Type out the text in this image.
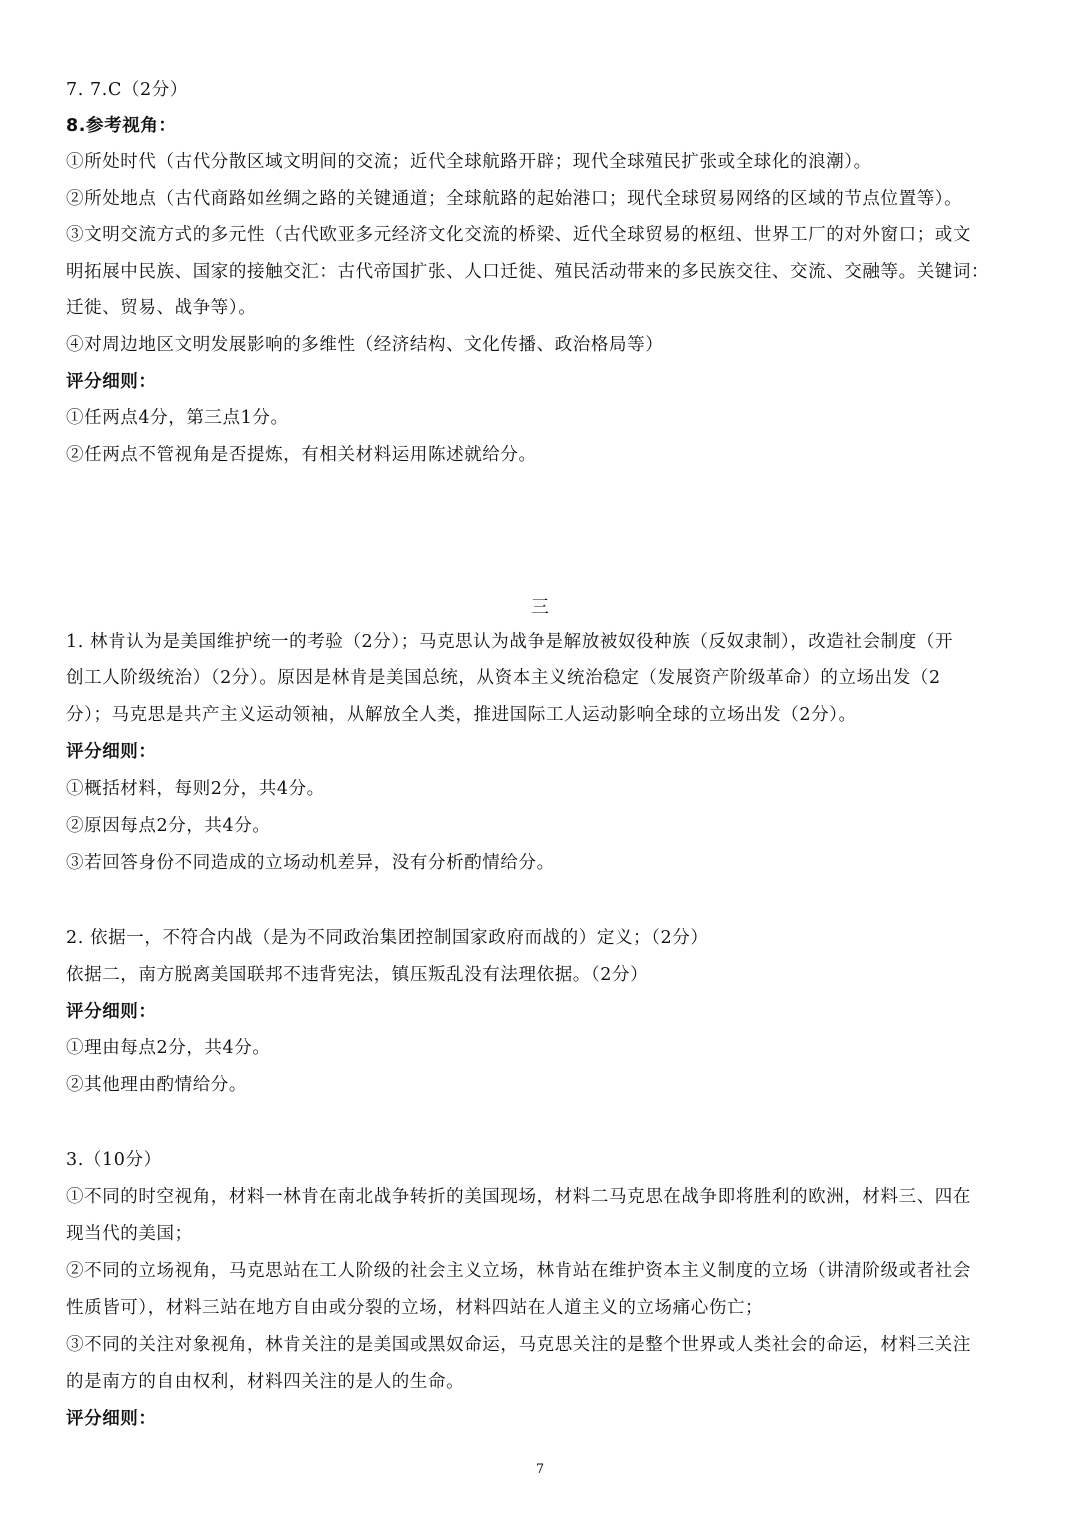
7. 7.C（2分）
8.参考视角：
①所处时代（古代分散区域文明间的交流；近代全球航路开辟；现代全球殖民扩张或全球化的浪潮）。
②所处地点（古代商路如丝绸之路的关键通道；全球航路的起始港口；现代全球贸易网络的区域的节点位置等）。
③文明交流方式的多元性（古代欧亚多元经济文化交流的桥梁、近代全球贸易的枢纽、世界工厂的对外窗口；或文
明拓展中民族、国家的接触交汇：古代帝国扩张、人口迁徙、殖民活动带来的多民族交往、交流、交融等。关键词：
迁徙、贸易、战争等）。
④对周边地区文明发展影响的多维性（经济结构、文化传播、政治格局等）
评分细则：
①任两点4分，第三点1分。
②任两点不管视角是否提炼，有相关材料运用陈述就给分。
三
1. 林肯认为是美国维护统一的考验（2分）；马克思认为战争是解放被奴役种族（反奴隶制），改造社会制度（开
创工人阶级统治）（2分）。原因是林肯是美国总统，从资本主义统治稳定（发展资产阶级革命）的立场出发（2
分）；马克思是共产主义运动领袖，从解放全人类，推进国际工人运动影响全球的立场出发（2分）。
评分细则：
①概括材料，每则2分，共4分。
②原因每点2分，共4分。
③若回答身份不同造成的立场动机差异，没有分析酌情给分。
2. 依据一，不符合内战（是为不同政治集团控制国家政府而战的）定义；（2分）
依据二，南方脱离美国联邦不违背宪法，镇压叛乱没有法理依据。（2分）
评分细则：
①理由每点2分，共4分。
②其他理由酌情给分。
3.（10分）
①不同的时空视角，材料一林肯在南北战争转折的美国现场，材料二马克思在战争即将胜利的欧洲，材料三、四在
现当代的美国；
②不同的立场视角，马克思站在工人阶级的社会主义立场，林肯站在维护资本主义制度的立场（讲清阶级或者社会
性质皆可），材料三站在地方自由或分裂的立场，材料四站在人道主义的立场痛心伤亡；
③不同的关注对象视角，林肯关注的是美国或黑奴命运，马克思关注的是整个世界或人类社会的命运，材料三关注
的是南方的自由权利，材料四关注的是人的生命。
评分细则：
7
